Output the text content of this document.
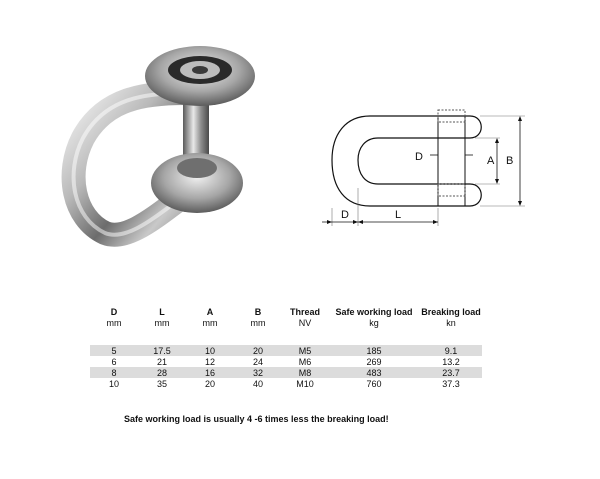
A B
D
D	L
D	L	A	B	Thread	Safe working load	Breaking load
mm	mm	mm	mm	NV	kg	kn

5	17.5	10	20	M5	185	9.1
6	21	12	24	M6	269	13.2
8	28	16	32	M8	483	23.7
10	35	20	40	M10	760	37.3
Safe working load is usually 4 -6 times less the breaking load!
